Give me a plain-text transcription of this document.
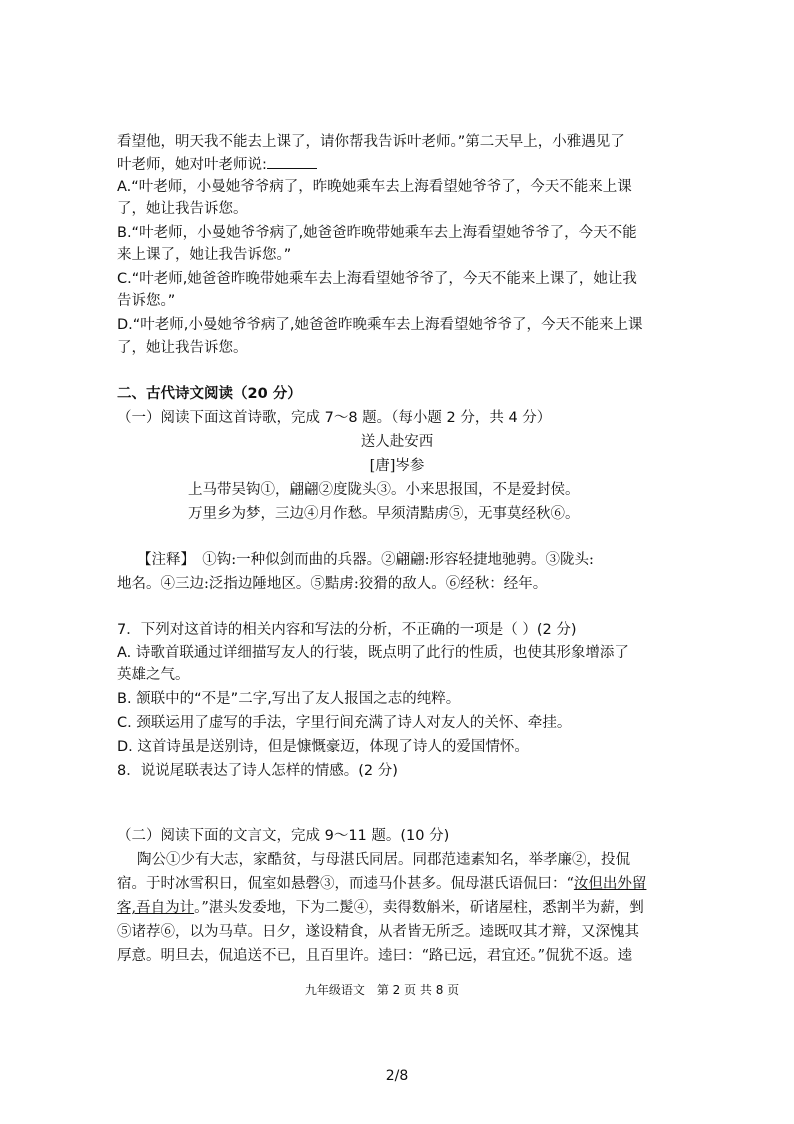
看望他，明天我不能去上课了，请你帮我告诉叶老师。”第二天早上，小雅遇见了
叶老师，她对叶老师说:
A.“叶老师，小曼她爷爷病了，昨晚她乘车去上海看望她爷爷了，今天不能来上课
了，她让我告诉您。
B.“叶老师，小曼她爷爷病了,她爸爸昨晚带她乘车去上海看望她爷爷了，今天不能
来上课了，她让我告诉您。”
C.“叶老师,她爸爸昨晚带她乘车去上海看望她爷爷了，今天不能来上课了，她让我
告诉您。”
D.“叶老师,小曼她爷爷病了,她爸爸昨晚乘车去上海看望她爷爷了，今天不能来上课
了，她让我告诉您。
二、古代诗文阅读（20 分）
（一）阅读下面这首诗歌，完成 7～8 题。（每小题 2 分，共 4 分）
送人赴安西
[唐]岑参
上马带吴钩①，翩翩②度陇头③。小来思报国，不是爱封侯。
万里乡为梦，三边④月作愁。早须清黠虏⑤，无事莫经秋⑥。
【注释】　①钩:一种似剑而曲的兵器。②翩翩:形容轻捷地驰骋。③陇头:
地名。④三边:泛指边陲地区。⑤黠虏:狡猾的敌人。⑥经秋：经年。
7．下列对这首诗的相关内容和写法的分析，不正确的一项是（ ）(2 分)
A. 诗歌首联通过详细描写友人的行装，既点明了此行的性质，也使其形象增添了
英雄之气。
B. 颔联中的“不是”二字,写出了友人报国之志的纯粹。
C. 颈联运用了虚写的手法，字里行间充满了诗人对友人的关怀、牵挂。
D. 这首诗虽是送别诗，但是慷慨豪迈，体现了诗人的爱国情怀。
8．说说尾联表达了诗人怎样的情感。(2 分)
（二）阅读下面的文言文，完成 9～11 题。(10 分)
陶公①少有大志，家酷贫，与母湛氏同居。同郡范逵素知名，举孝廉②，投侃
宿。于时冰雪积日，侃室如悬磬③，而逵马仆甚多。侃母湛氏语侃曰：“汝但出外留
客,吾自为计。”湛头发委地，下为二髲④，卖得数斛米，斫诸屋柱，悉割半为薪，剉
⑤诸荐⑥，以为马草。日夕，遂设精食，从者皆无所乏。逵既叹其才辩，又深愧其
厚意。明旦去，侃追送不已，且百里许。逵曰：“路已远，君宜还。”侃犹不返。逵
九年级语文　第 2 页 共 8 页
2/8
